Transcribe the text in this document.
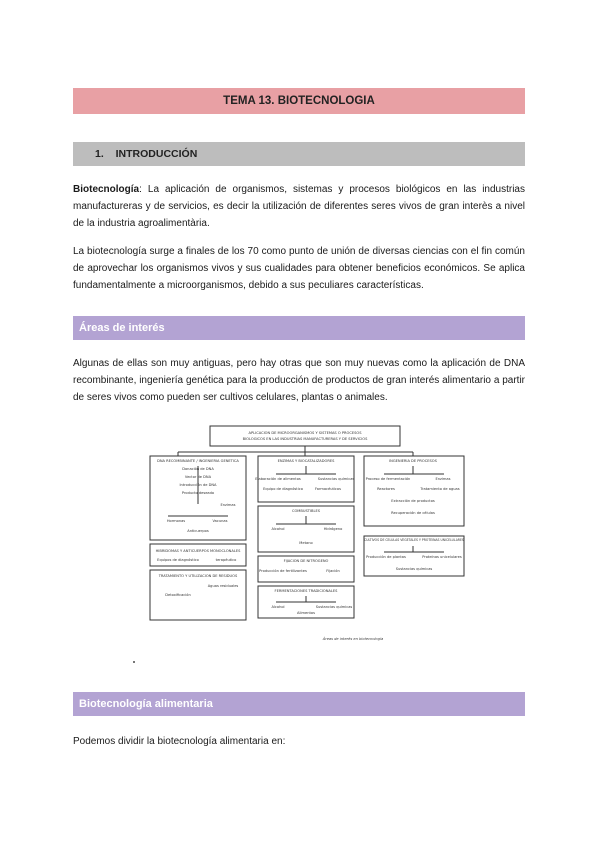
TEMA 13. BIOTECNOLOGIA
1. INTRODUCCIÓN

Biotecnología: La aplicación de organismos, sistemas y procesos biológicos en las industrias manufactureras y de servicios, es decir la utilización de diferentes seres vivos de gran interès a nivel de la industria agroalimentària.

La biotecnología surge a finales de los 70 como punto de unión de diversas ciencias con el fin común de aprovechar los organismos vivos y sus cualidades para obtener beneficios económicos. Se aplica fundamentalmente a microorganismos, debido a sus peculiares características.

Áreas de interés

Algunas de ellas son muy antiguas, pero hay otras que son muy nuevas como la aplicación de DNA recombinante, ingeniería genética para la producción de productos de gran interés alimentario a partir de seres vivos como pueden ser cultivos celulares, plantas o animales.

APLICACION DE MICROORGANISMOS Y SISTEMAS O PROCESOS
BIOLOGICOS EN LAS INDUSTRIAS MANUFACTURERAS Y DE SERVICIOS
DNA RECOMBINANTE / INGENIERIA GENETICA
Donación de DNA
Vector de DNA
Introducción de DNA
Producto deseado
Enzimas
Hormonas	Vacunas
Anticuerpos
HIBRIDOMAS Y ANTICUERPOS MONOCLONALES
Equipos de diagnóstico	terapéutico
TRATAMIENTO Y UTILIZACION DE RESIDUOS
Aguas residuales
Detoxificación
ENZIMAS Y BIOCATALIZADORES
Elaboración de alimentos	Sustancias químicas
Equipo de diagnóstico	Farmacéuticos
COMBUSTIBLES
Alcohol	Hidrógeno
Metano
FIJACION DE NITROGENO
Producción de fertilizantes	Fijación
FERMENTACIONES TRADICIONALES
Alcohol	Sustancias químicas
Alimentos
INGENIERIA DE PROCESOS
Proceso de fermentación	Enzimas
Reactores	Tratamiento de aguas
Extracción de productos
Recuperación de células
CULTIVOS DE CELULAS VEGETALES Y PROTEINAS UNICELULARES
Producción de plantas	Proteínas unicelulares
Sustancias químicas
Áreas de interés en biotecnología
Biotecnología alimentaria

Podemos dividir la biotecnología alimentaria en:
